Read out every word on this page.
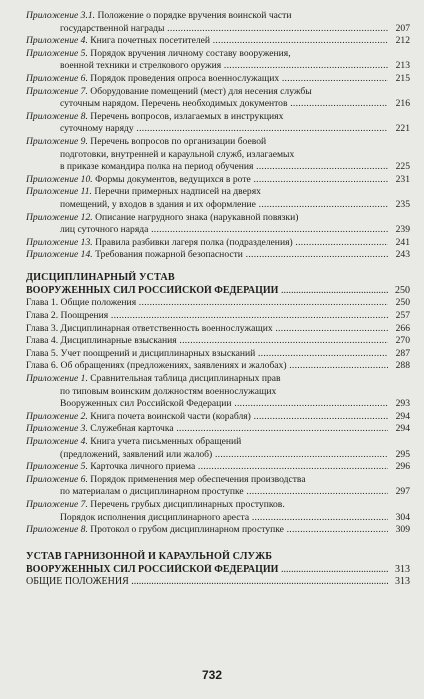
Приложение 3.1. Положение о порядке вручения воинской части
государственной награды .....	207
Приложение 4. Книга почетных посетителей .....	212
Приложение 5. Порядок вручения личному составу вооружения,
военной техники и стрелкового оружия .....	213
Приложение 6. Порядок проведения опроса военнослужащих .....	215
Приложение 7. Оборудование помещений (мест) для несения службы
суточным нарядом. Перечень необходимых документов .....	216
Приложение 8. Перечень вопросов, излагаемых в инструкциях
суточному наряду .....	221
Приложение 9. Перечень вопросов по организации боевой
подготовки, внутренней и караульной служб, излагаемых
в приказе командира полка на период обучения .....	225
Приложение 10. Формы документов, ведущихся в роте .....	231
Приложение 11. Перечни примерных надписей на дверях
помещений, у входов в здания и их оформление .....	235
Приложение 12. Описание нагрудного знака (нарукавной повязки)
лиц суточного наряда .....	239
Приложение 13. Правила разбивки лагеря полка (подразделения) .....	241
Приложение 14. Требования пожарной безопасности .....	243
ДИСЦИПЛИНАРНЫЙ УСТАВ
ВООРУЖЕННЫХ СИЛ РОССИЙСКОЙ ФЕДЕРАЦИИ .....	250
Глава 1. Общие положения .....	250
Глава 2. Поощрения .....	257
Глава 3. Дисциплинарная ответственность военнослужащих .....	266
Глава 4. Дисциплинарные взыскания .....	270
Глава 5. Учет поощрений и дисциплинарных взысканий .....	287
Глава 6. Об обращениях (предложениях, заявлениях и жалобах) .....	288
Приложение 1. Сравнительная таблица дисциплинарных прав
по типовым воинским должностям военнослужащих
Вооруженных сил Российской Федерации .....	293
Приложение 2. Книга почета воинской части (корабля) .....	294
Приложение 3. Служебная карточка .....	294
Приложение 4. Книга учета письменных обращений
(предложений, заявлений или жалоб) .....	295
Приложение 5. Карточка личного приема .....	296
Приложение 6. Порядок применения мер обеспечения производства
по материалам о дисциплинарном проступке .....	297
Приложение 7. Перечень грубых дисциплинарных проступков.
Порядок исполнения дисциплинарного ареста .....	304
Приложение 8. Протокол о грубом дисциплинарном проступке .....	309
УСТАВ ГАРНИЗОННОЙ И КАРАУЛЬНОЙ СЛУЖБ
ВООРУЖЕННЫХ СИЛ РОССИЙСКОЙ ФЕДЕРАЦИИ .....	313
ОБЩИЕ ПОЛОЖЕНИЯ .....	313
732
